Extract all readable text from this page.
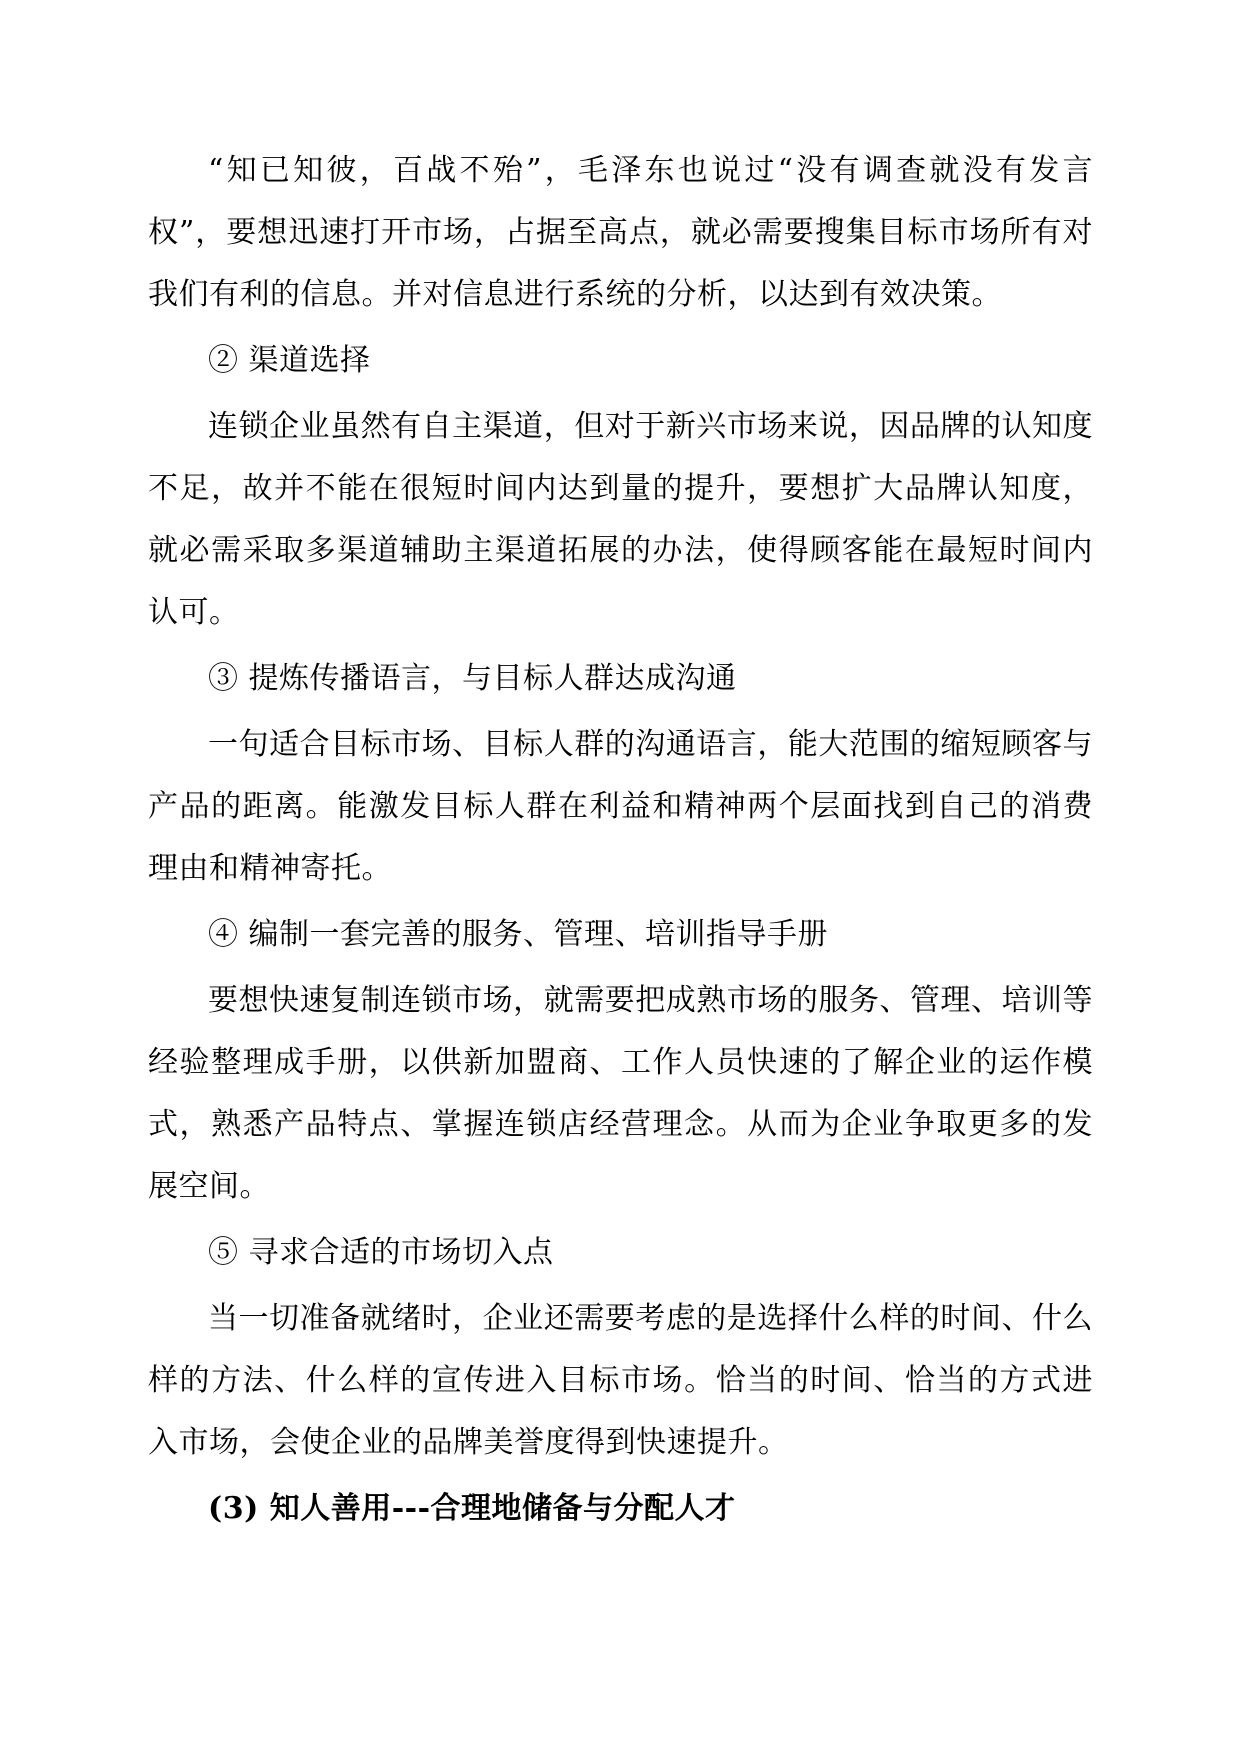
“知已知彼，百战不殆”，毛泽东也说过“没有调查就没有发言权”，要想迅速打开市场，占据至高点，就必需要搜集目标市场所有对我们有利的信息。并对信息进行系统的分析，以达到有效决策。

② 渠道选择

连锁企业虽然有自主渠道，但对于新兴市场来说，因品牌的认知度不足，故并不能在很短时间内达到量的提升，要想扩大品牌认知度，就必需采取多渠道辅助主渠道拓展的办法，使得顾客能在最短时间内认可。

③ 提炼传播语言，与目标人群达成沟通

一句适合目标市场、目标人群的沟通语言，能大范围的缩短顾客与产品的距离。能激发目标人群在利益和精神两个层面找到自己的消费理由和精神寄托。

④ 编制一套完善的服务、管理、培训指导手册

要想快速复制连锁市场，就需要把成熟市场的服务、管理、培训等经验整理成手册，以供新加盟商、工作人员快速的了解企业的运作模式，熟悉产品特点、掌握连锁店经营理念。从而为企业争取更多的发展空间。

⑤ 寻求合适的市场切入点

当一切准备就绪时，企业还需要考虑的是选择什么样的时间、什么样的方法、什么样的宣传进入目标市场。恰当的时间、恰当的方式进入市场，会使企业的品牌美誉度得到快速提升。

(3) 知人善用---合理地储备与分配人才
